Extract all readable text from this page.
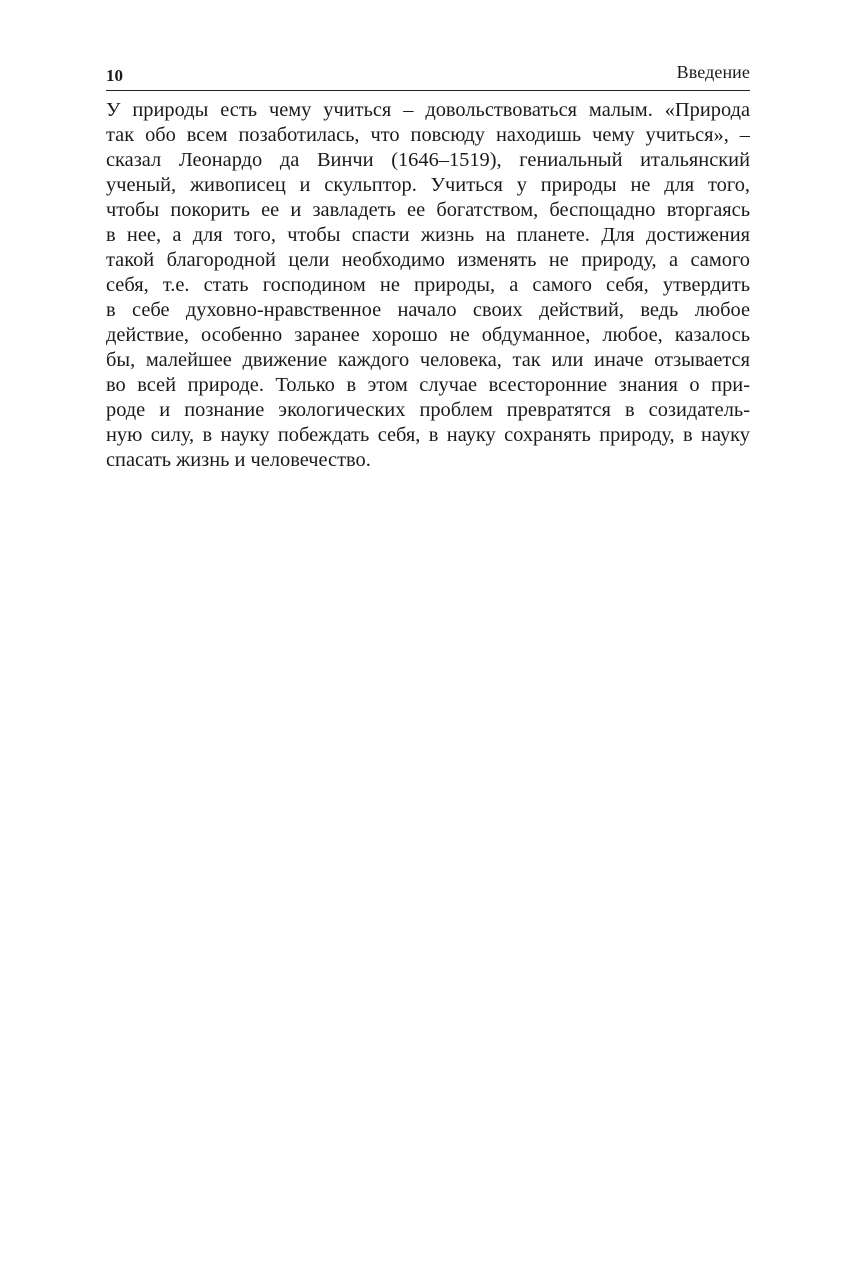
10	Введение
У природы есть чему учиться – довольствоваться малым. «Природа
так обо всем позаботилась, что повсюду находишь чему учиться», –
сказал Леонардо да Винчи (1646–1519), гениальный итальянский
ученый, живописец и скульптор. Учиться у природы не для того,
чтобы покорить ее и завладеть ее богатством, беспощадно вторгаясь
в нее, а для того, чтобы спасти жизнь на планете. Для достижения
такой благородной цели необходимо изменять не природу, а самого
себя, т.е. стать господином не природы, а самого себя, утвердить
в себе духовно-нравственное начало своих действий, ведь любое
действие, особенно заранее хорошо не обдуманное, любое, казалось
бы, малейшее движение каждого человека, так или иначе отзывается
во всей природе. Только в этом случае всесторонние знания о при-
роде и познание экологических проблем превратятся в созидатель-
ную силу, в науку побеждать себя, в науку сохранять природу, в науку
спасать жизнь и человечество.
